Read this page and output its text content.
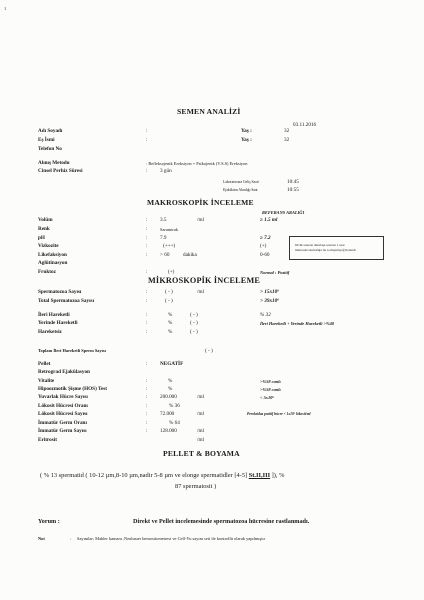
1
SEMEN ANALİZİ
03.11.2016
Adı Soyadı	:	Yaş :	32
Eş İsmi	:	Yaş :	32
Telefon No
Alınış Metodu	: Refleksojenik Ereksiyon + Psikojenik (V.S.S) Ereksiyon
Cinsel Perhiz Süresi	: 3 gün
Laboratuvara Geliş Saati	10:45
Ejakülatın Alındığı Saat	10:55
MAKROSKOPİK İNCELEME
REFERANS ARALIĞI
Volüm	: 3.5	/ml	≥ 1.5 ml
Renk	:	Saramtrak
pH	: 7.9	≥ 7.2
Vizkozite	:	(+++)	(+)
Likefaksiyon	: > 60	dakika	0-60
Aglütinasyon
Fruktoz	:	(+)	Normal : Pozitif
60 dk sonrası durulaşa sonrası 1 saat
makroski santrafuje ile n ebaşlanyağ ilelendi
MİKROSKOPİK İNCELEME
Spermatozoa Sayısı	:	( - )	/ml	> 15x10⁶
Total Spermatozoa Sayısı	:	( - )	> 39x10⁶
İleri Hareketli	:	%	( - )	% 32
Yerinde Hareketli	:	%	( - )	İleri Hareketli + Yerinde Hareketli >%40
Hareketsiz	:	%	( - )
Toplam İleri Hareketli Sperm Sayısı	( - )
Pellet	: NEGATİF
Retrograd Ejakülasyon
Vitalite	:	%	>%58 canlı
Hipoozmotik Şişme (HOS) Test	:	%	>%58 canlı
Yuvarlak Hücre Sayısı	: 200.000	/ml	< 5x10⁶
Lökosit Hücresi Oranı	:	% 36
Lökosit Hücresi Sayısı	: 72.000	/ml	Peroksidaz pozitif hücre < 1x10⁶ lökosit/ml
İmmatür Germ Oranı	:	% 64
İmmatür Germ Sayısı	: 128.000	/ml
Eritrosit	/ml
PELLET & BOYAMA
( % 13 spermatid ( 10-12 µm,8-10 µm,nadir 5-8 µm ve elonge spermatidler [4-5] St.II,III ]), %
87 spermatosit )
Yorum :	Direkt ve Pellet incelemesinde spermatozoa hücresine rastlanmadı.
Not	: Sayımlar; Makler kamara ,Neubauer hemositometresi ve Cell-Vu sayım seti ile kontrollü olarak yapılmıştır
